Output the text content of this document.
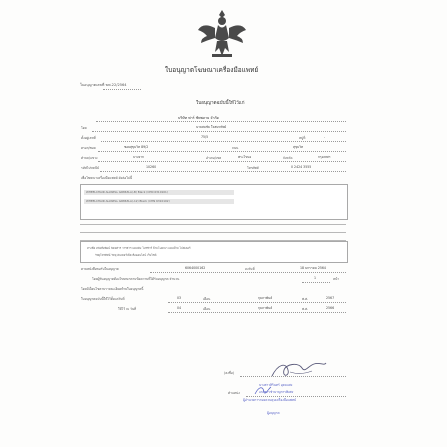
ใบอนุญาตโฆษณาเครื่องมือแพทย์
ใบอนุญาตเลขที่ ฆพ.22/2564
ใบอนุญาตฉบับนี้ให้ไว้แก่
บริษัท ฟาร์ ซัพพลาย จำกัด
โดย	นายสมชัย ใจสมทรัพย์
ตั้งอยู่เลขที่	75/5	หมู่ที่	-
ตรอก/ซอย	ซอยสุขุมวิท 89/2	ถนน	สุขุมวิท
ตำบล/แขวง	บางจาก	อำเภอ/เขต	พระโขนง	จังหวัด	กรุงเทพฯ
รหัสไปรษณีย์	10260	โทรศัพท์	0 2424 3555
เพื่อโฆษณาเครื่องมือแพทย์ ดังต่อไปนี้
WHEELCHAIR ALLWELL GR863LA(-B) Black (CHN 6310101)
WHEELCHAIR ALLWELL GR863LA(-12) Black (CHN 6310102)
ทางสื่อ หนังสือพิมพ์ นิตยสาร วารสาร แผ่นพับ โบรชัวร์ ป้ายโฆษณา แผ่นป้าย โปสเตอร์
วิทยุโทรทัศน์ วิทยุ อินเทอร์เน็ต สื่อออนไลน์ เว็บไซต์
ตามหนังสือขอรับใบอนุญาต	6064000162	ลงวันที่	18 มกราคม 2564
โดยผู้รับอนุญาตต้องโฆษณาตามข้อความที่ได้รับอนุญาต จำนวน	1	หน้า
โดยมีเงื่อนไขตามรายละเอียดท้ายใบอนุญาตนี้
ใบอนุญาตฉบับนี้ให้ไว้ตั้งแต่วันที่	03	เดือน	กุมภาพันธ์	พ.ศ.	2567
ให้ไว้ ณ วันที่	04	เดือน	กุมภาพันธ์	พ.ศ.	2566
(ลงชื่อ)
ตำแหน่ง
นางสาวสิรินทร์ อุตมแสง
เภสัชกรชำนาญการพิเศษ
ผู้อำนวยการกองควบคุมเครื่องมือแพทย์
ผู้อนุญาต
